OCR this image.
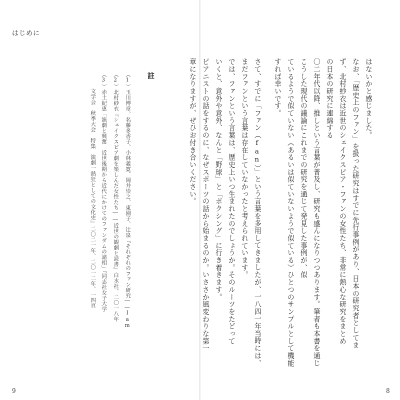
はじめに
はないかと感じました。
なお、「歴史上のファン」を扱った研究はすでに先行事例があり、日本の研究者としてま
ず、北村紗衣は近世のシェイクスピア・ファンの女性たち、非常に熱心な研究をまとめ
の日本の研究に連綿する
〇二年代以降、推しという言葉が普及し、研究も盛んになりつつあります。筆者も本書を通じ
こうした現代の議論にこれまでの研究を通じて発見した事例が、似
ているようで似ていない（あるいは似ていないようで似ている）ひとつのサンプルとして機能
すれば幸いです。
さて、すでに「ファン（fan）」という言葉を多用してきましたが、一八四一年当時には、
まだファンという言葉は存在していなかったと考えられています。
では、ファンという言葉は、歴史上いつ生まれたのでしょうか。そのルーツをたどって
いくと、意外や意外、なんと「野球」と「ボクシング」に行き着きます。
ピアニストの話をするのに、なぜスポーツの話から始まるのか。いささか風変わりな第一
章になりますが、ぜひお付き合いください。
註
（1）玉川博章、名藤多香子、小林義寛、岡井崇之、東園子、辻泉『それぞれのファン研究――Iam
（2）北村紗衣『シェイクスピア劇を楽しんだ女性たち――近世の観劇と読書』白水社、二〇一八年
（3）赤土紀恵「演劇と興奮　近世後期から近代にかけてのファンダムの諸相」『同志社女子大学
　　　文学会　秋季大会　特集　演劇一熱狂としての文化史』二〇二一年、二〇一二年、一四頁
9	8
